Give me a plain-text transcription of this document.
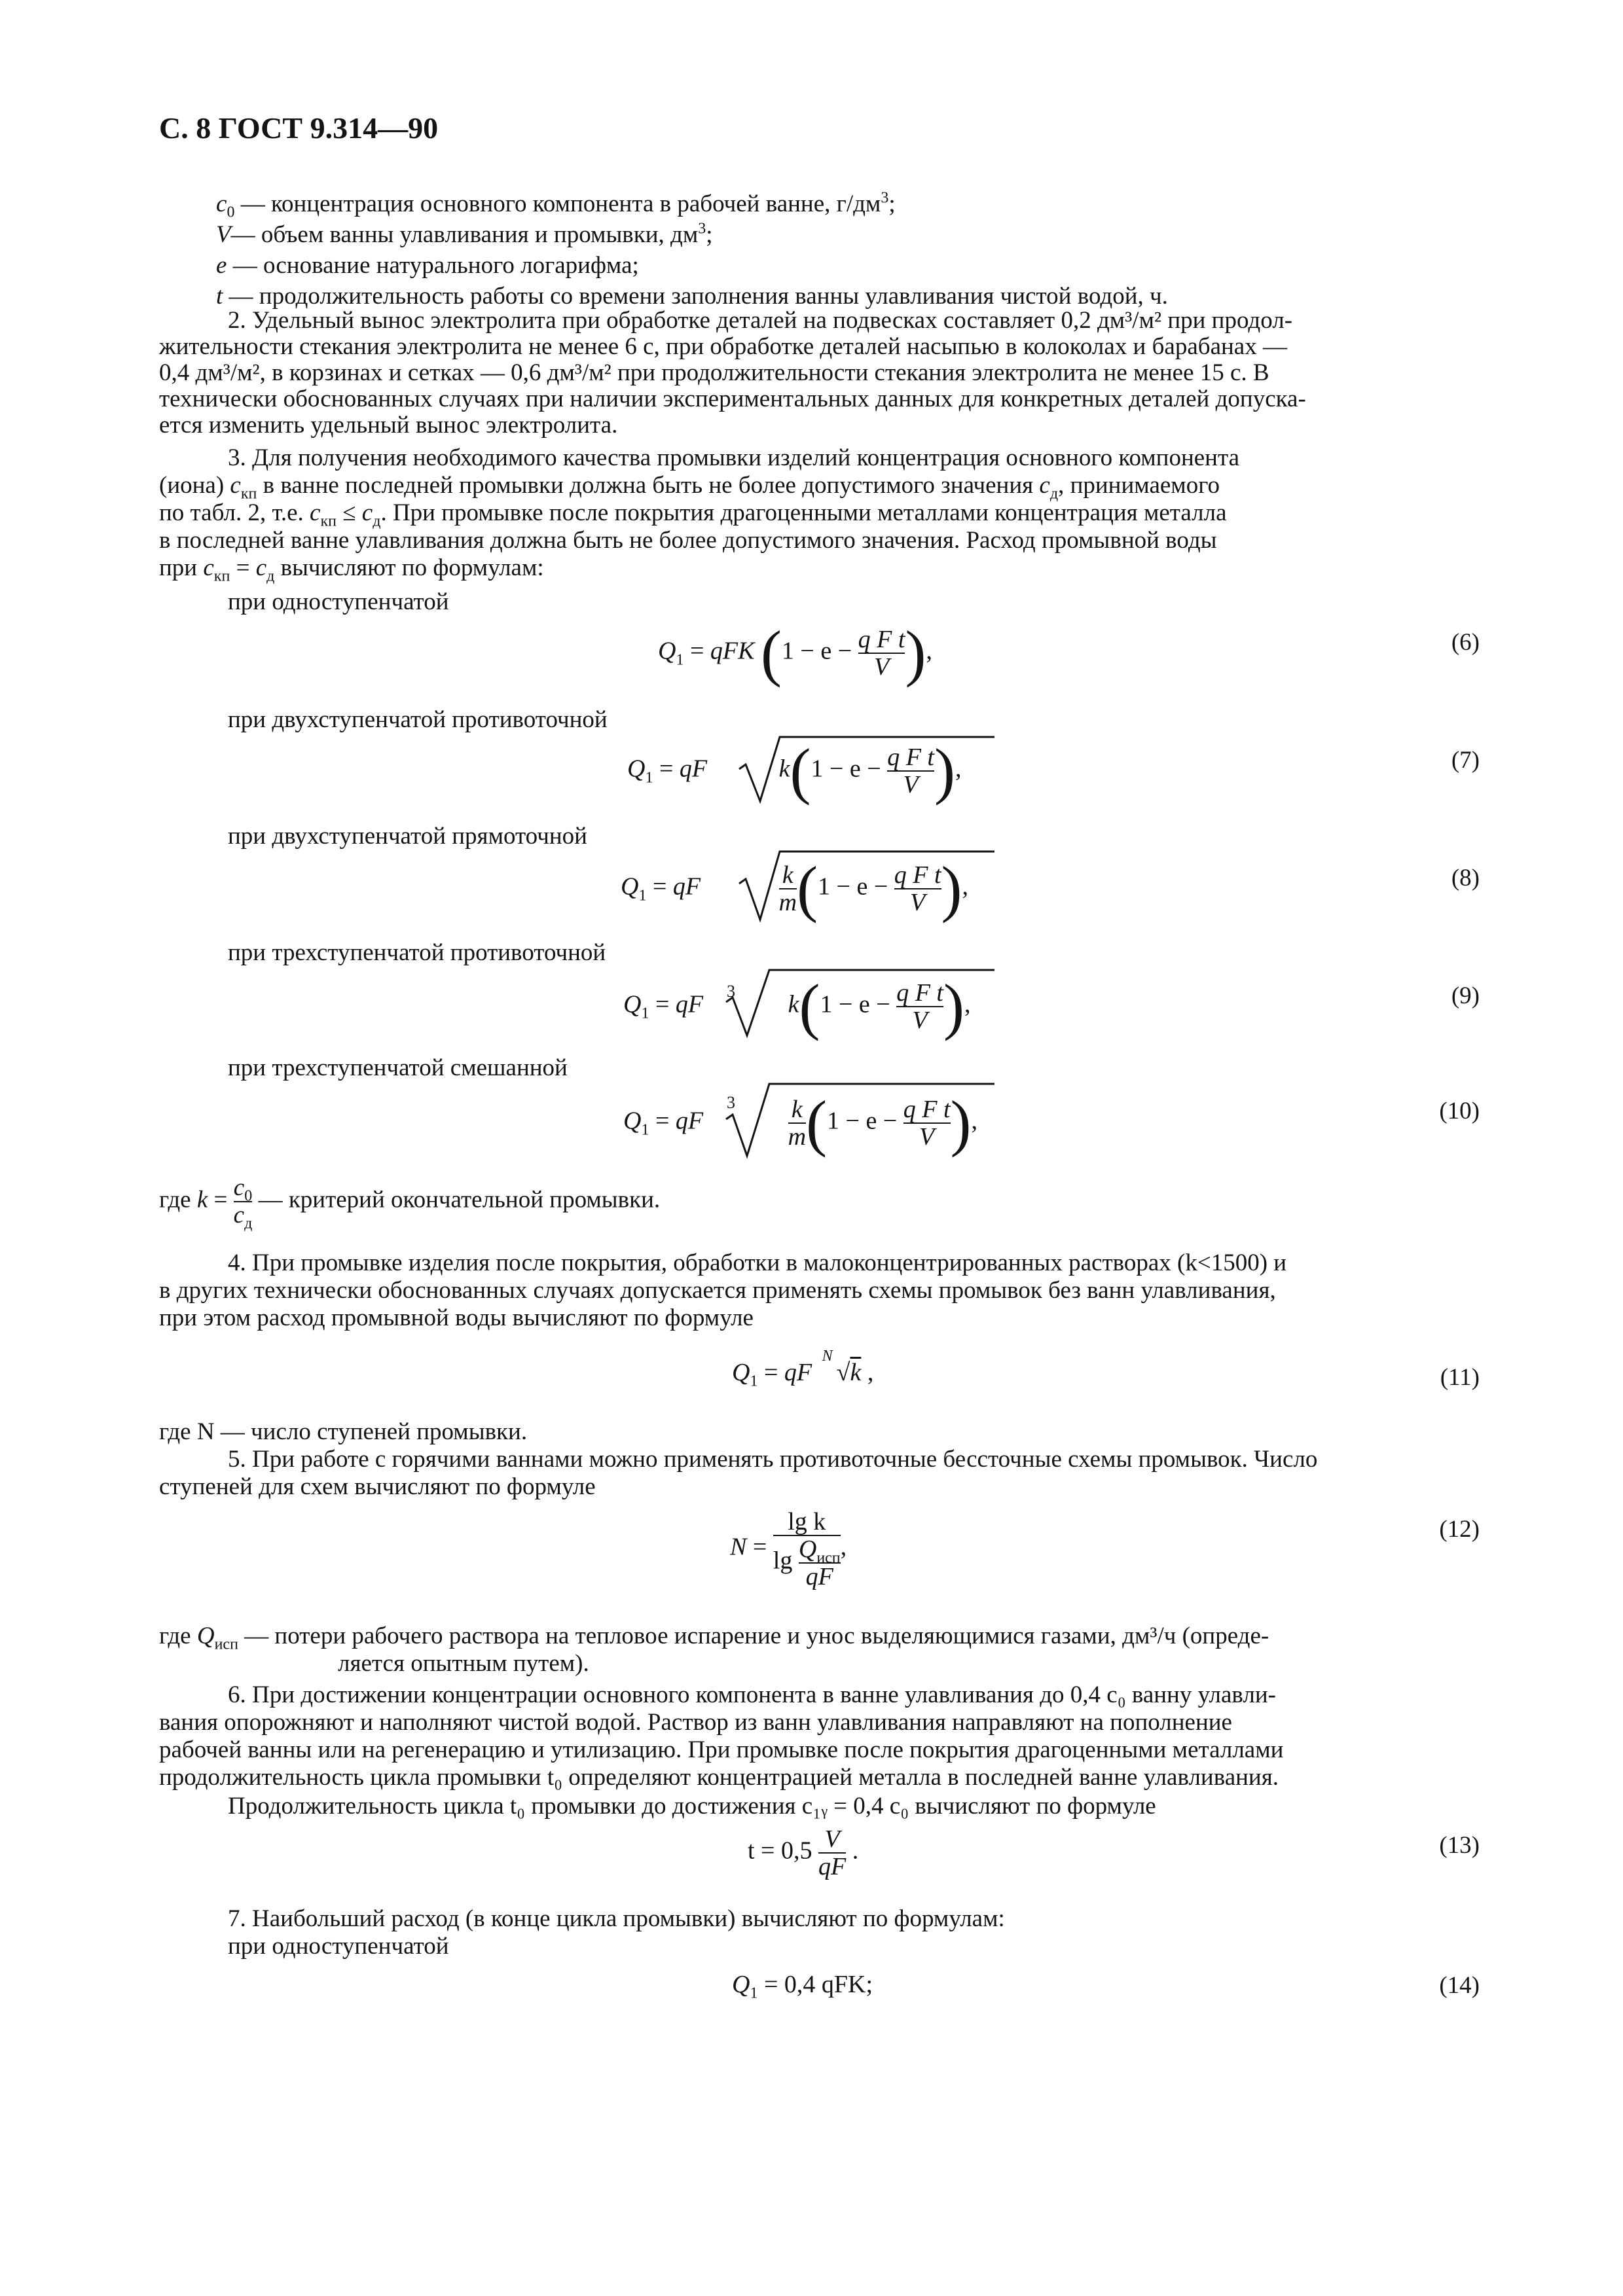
С. 8 ГОСТ 9.314—90
$c_0$ — концентрация основного компонента в рабочей ванне, $г/дм^3$;
V— объем ванны улавливания и промывки, $дм^3$;
e — основание натурального логарифма;
t — продолжительность работы со времени заполнения ванны улавливания чистой водой, ч.
2. Удельный вынос электролита при обработке деталей на подвесках составляет 0,2 дм³/м² при продол-
жительности стекания электролита не менее 6 с, при обработке деталей насыпью в колоколах и барабанах —
0,4 дм³/м², в корзинах и сетках — 0,6 дм³/м² при продолжительности стекания электролита не менее 15 с. В
технически обоснованных случаях при наличии экспериментальных данных для конкретных деталей допуска-
ется изменить удельный вынос электролита.
3. Для получения необходимого качества промывки изделий концентрация основного компонента
(иона) $c_{кп}$ в ванне последней промывки должна быть не более допустимого значения $c_д$, принимаемого
по табл. 2, т.е. $c_{кп} \le c_д$. При промывке после покрытия драгоценными металлами концентрация металла
в последней ванне улавливания должна быть не более допустимого значения. Расход промывной воды
при $c_{кп} = c_д$ вычисляют по формулам:
при одноступенчатой
$Q_1$ = qFK ($1 - e - \frac{\text{q F t}}{V}$ ),	(6)
при двухступенчатой противоточной
$Q_1$ = qF	$k(1 - e - \frac{\text{q F t}}{V}$ ),	(7)
при двухступенчатой прямоточной
$Q_1$ = qF	$\frac{k}{m} (1 - e - \frac{\text{q F t}}{V}$ ),	(8)
при трехступенчатой противоточной
3
$Q_1$ = qF	$k(1 - e - \frac{\text{q F t}}{V}$ ),	(9)
при трехступенчатой смешанной
3
$Q_1$ = qF	$\frac{k}{m} (1 - e - \frac{\text{q F t}}{V}$ ),	(10)
где $k = \frac{c_0}{c_д}$ — критерий окончательной промывки.
4. При промывке изделия после покрытия, обработки в малоконцентрированных растворах (k<1500) и
в других технически обоснованных случаях допускается применять схемы промывок без ванн улавливания,
при этом расход промывной воды вычисляют по формуле
$Q_1$ = qF
N
√k ,	(11)
где N — число ступеней промывки.
5. При работе с горячими ваннами можно применять противоточные бессточные схемы промывок. Число
ступеней для схем вычисляют по формуле
$N = \frac{\text{lg k}}{\lg \frac{Q_{исп}}{qF}}$ ,
(12)
где $Q_{исп}$ — потери рабочего раствора на тепловое испарение и унос выделяющимися газами, дм³/ч (опреде-
ляется опытным путем).
6. При достижении концентрации основного компонента в ванне улавливания до 0,4 c₀ ванну улавли-
вания опорожняют и наполняют чистой водой. Раствор из ванн улавливания направляют на пополнение
рабочей ванны или на регенерацию и утилизацию. При промывке после покрытия драгоценными металлами
продолжительность цикла промывки t₀ определяют концентрацией металла в последней ванне улавливания.
Продолжительность цикла t₀ промывки до достижения c₁ᵧ = 0,4 c₀ вычисляют по формуле
$t = 0,5 \frac{V}{qF}$ .	(13)
7. Наибольший расход (в конце цикла промывки) вычисляют по формулам:
при одноступенчатой
$Q_1 = 0,4$ qFK;	(14)
